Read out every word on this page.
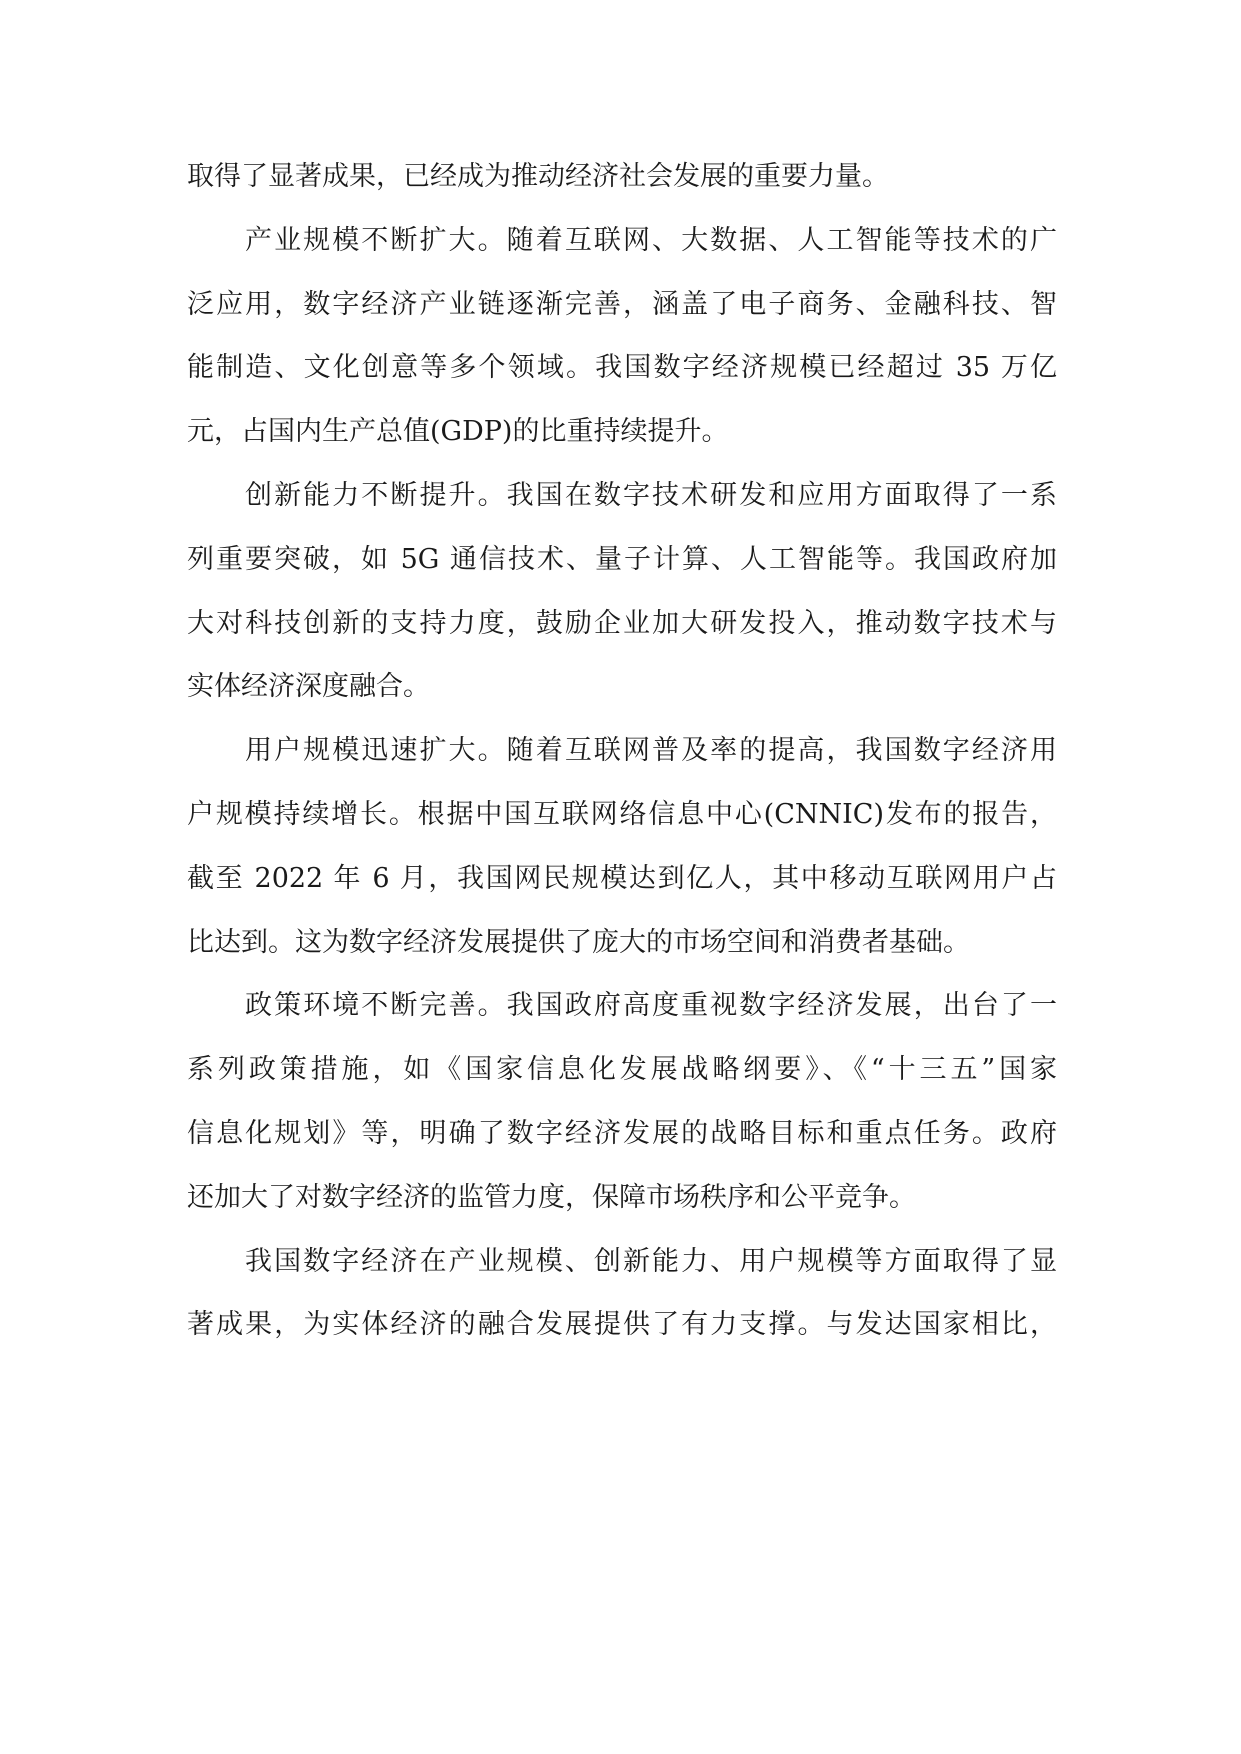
取得了显著成果，已经成为推动经济社会发展的重要力量。
产业规模不断扩大。随着互联网、大数据、人工智能等技术的广
泛应用，数字经济产业链逐渐完善，涵盖了电子商务、金融科技、智
能制造、文化创意等多个领域。我国数字经济规模已经超过 35 万亿
元，占国内生产总值(GDP)的比重持续提升。
创新能力不断提升。我国在数字技术研发和应用方面取得了一系
列重要突破，如 5G 通信技术、量子计算、人工智能等。我国政府加
大对科技创新的支持力度，鼓励企业加大研发投入，推动数字技术与
实体经济深度融合。
用户规模迅速扩大。随着互联网普及率的提高，我国数字经济用
户规模持续增长。根据中国互联网络信息中心(CNNIC)发布的报告，
截至 2022 年 6 月，我国网民规模达到亿人，其中移动互联网用户占
比达到。这为数字经济发展提供了庞大的市场空间和消费者基础。
政策环境不断完善。我国政府高度重视数字经济发展，出台了一
系列政策措施，如《国家信息化发展战略纲要》、《“十三五”国家
信息化规划》等，明确了数字经济发展的战略目标和重点任务。政府
还加大了对数字经济的监管力度，保障市场秩序和公平竞争。
我国数字经济在产业规模、创新能力、用户规模等方面取得了显
著成果，为实体经济的融合发展提供了有力支撑。与发达国家相比，
